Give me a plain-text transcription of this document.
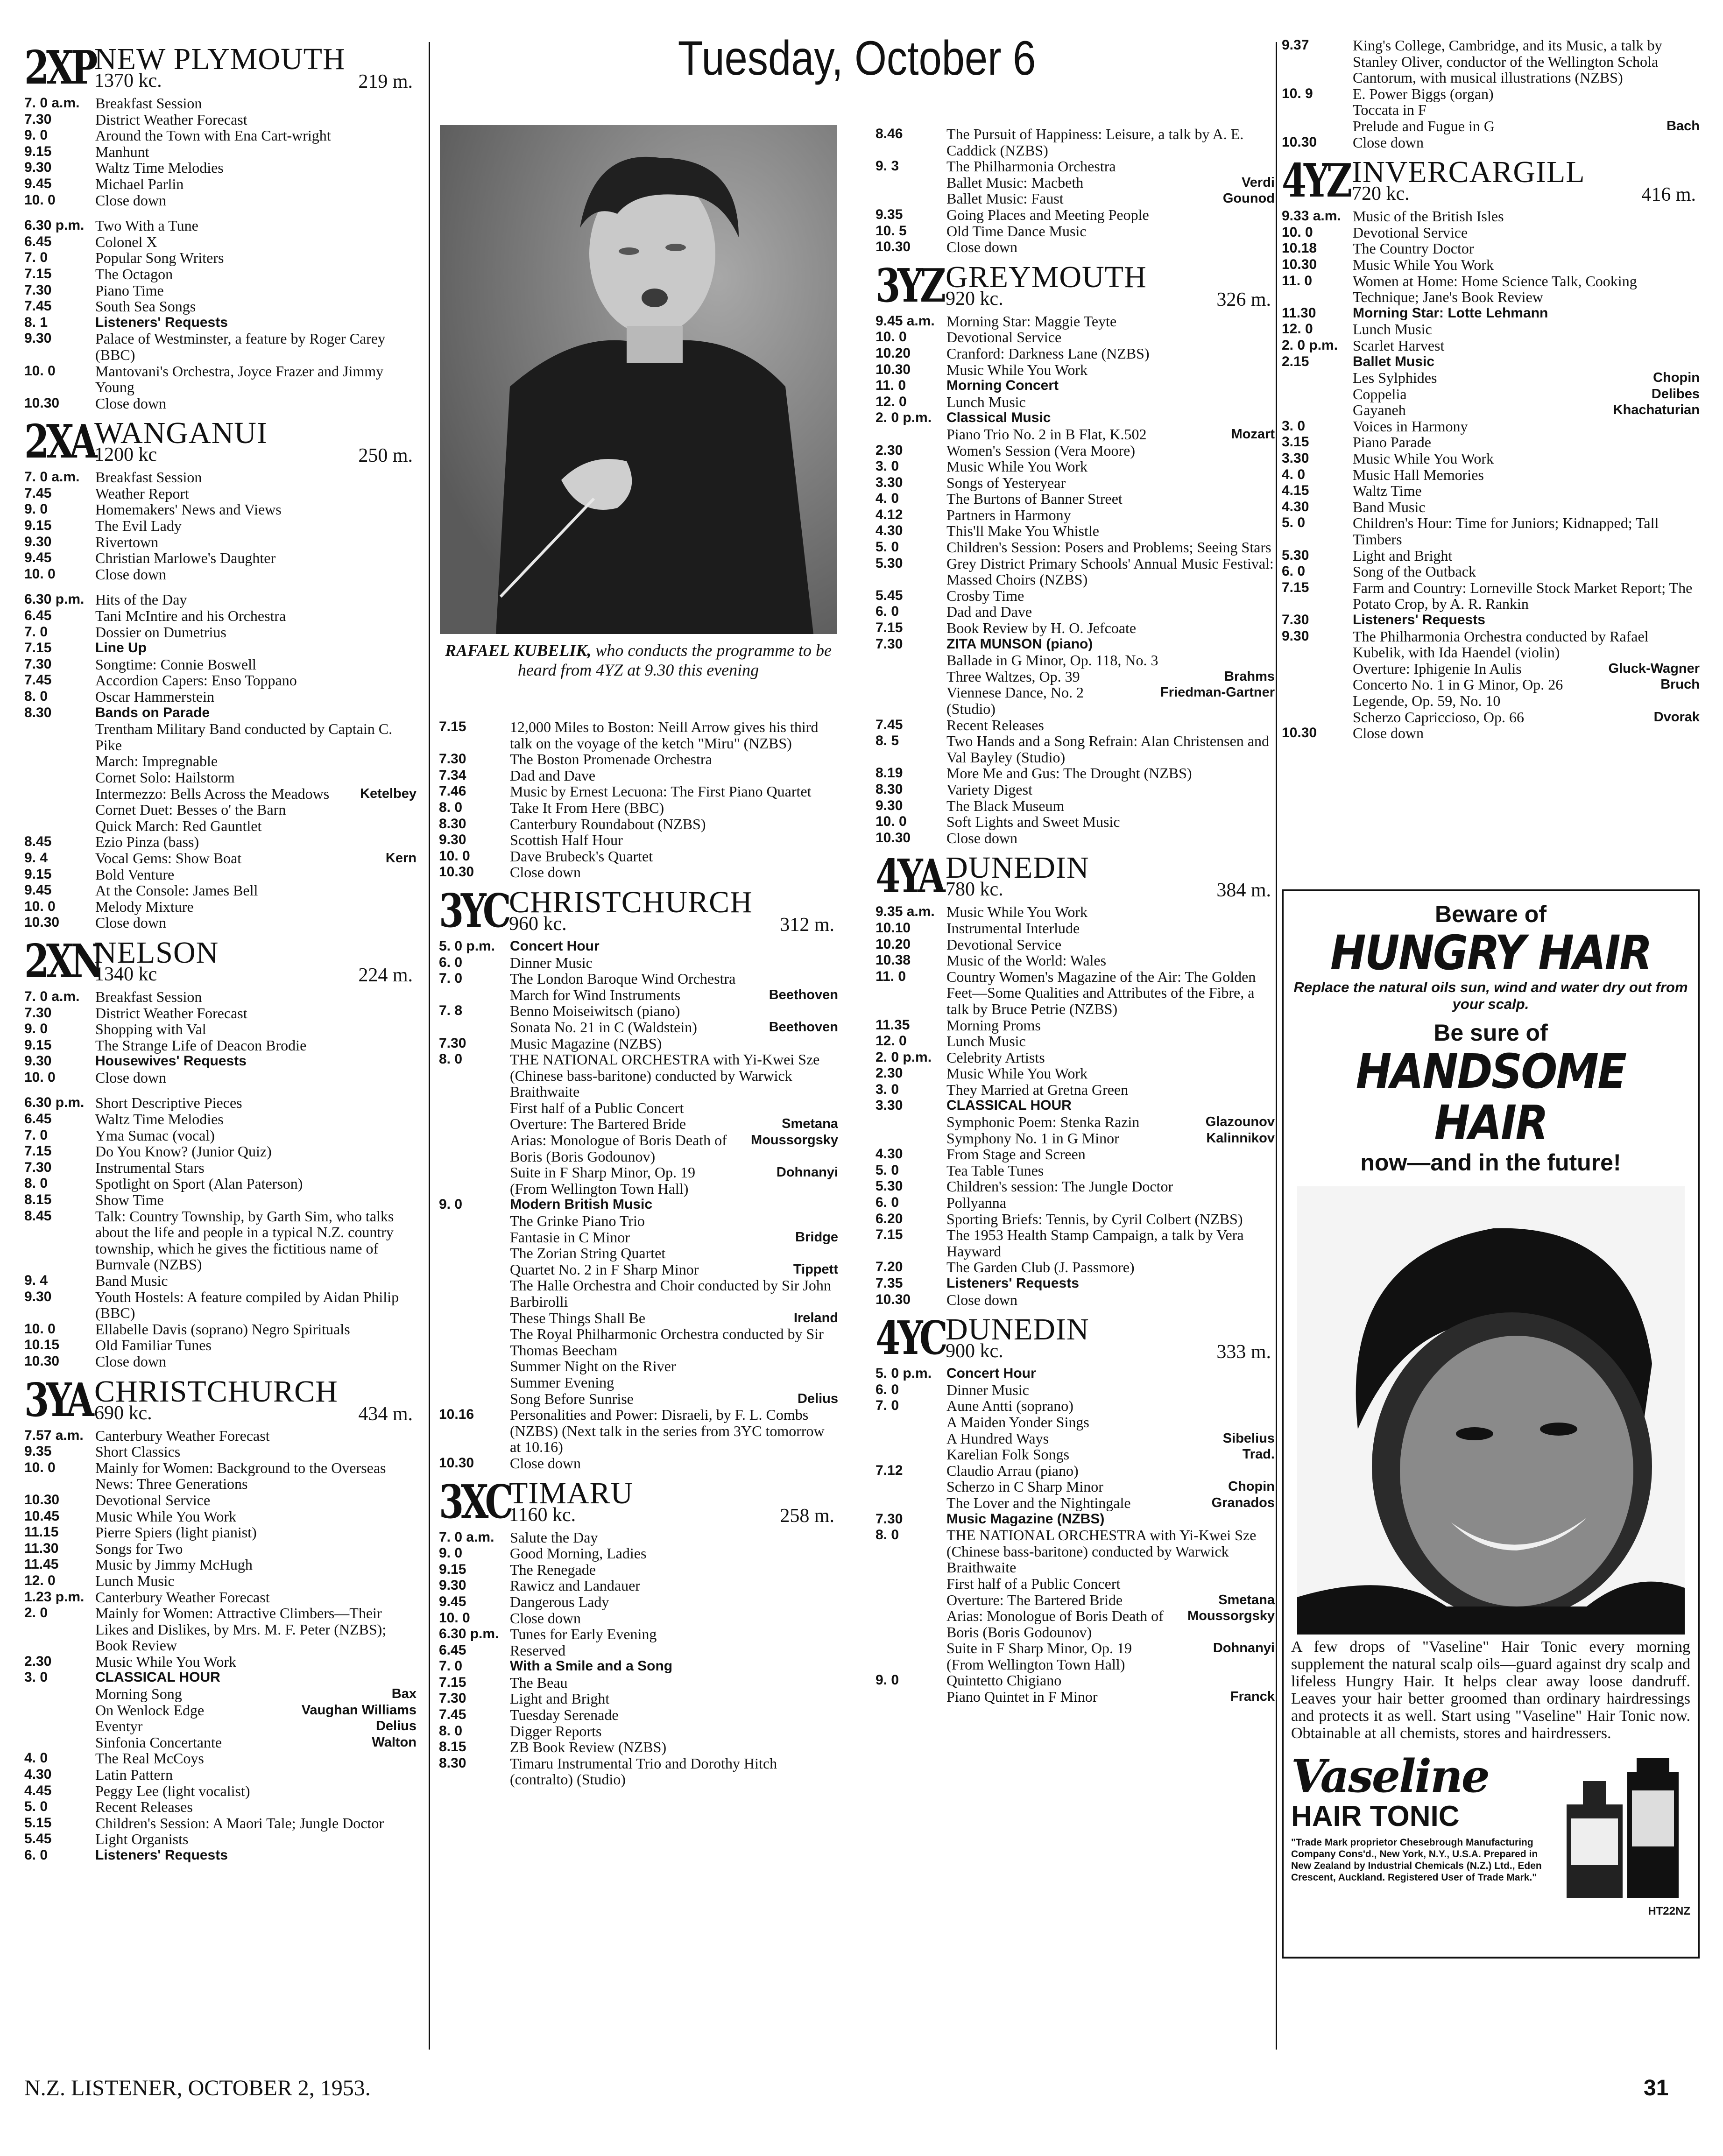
Tuesday, October 6
2XP
NEW PLYMOUTH
1370 kc.	219 m.
7. 0 a.m.	Breakfast Session
7.30	District Weather Forecast
9. 0	Around the Town with Ena Cart-wright
9.15	Manhunt
9.30	Waltz Time Melodies
9.45	Michael Parlin
10. 0	Close down
6.30 p.m. Two With a Tune
6.45	Colonel X
7. 0	Popular Song Writers
7.15	The Octagon
7.30	Piano Time
7.45	South Sea Songs
8. 1	Listeners' Requests
9.30	Palace of Westminster, a feature by Roger Carey (BBC)
10. 0	Mantovani's Orchestra, Joyce Frazer and Jimmy Young
10.30	Close down
2XA WANGANUI
1200 kc	250 m.
7. 0 a.m.	Breakfast Session
7.45	Weather Report
9. 0	Homemakers' News and Views
9.15	The Evil Lady
9.30	Rivertown
9.45	Christian Marlowe's Daughter
10. 0	Close down
6.30 p.m. Hits of the Day
6.45	Tani McIntire and his Orchestra
7. 0	Dossier on Dumetrius
7.15	Line Up
7.30	Songtime: Connie Boswell
7.45	Accordion Capers: Enso Toppano
8. 0	Oscar Hammerstein
8.30	Bands on Parade
Trentham Military Band conducted by Captain C. Pike
March: Impregnable
Cornet Solo: Hailstorm
Intermezzo: Bells Across the Meadows Ketelbey
Cornet Duet: Besses o' the Barn
Quick March: Red Gauntlet
8.45	Ezio Pinza (bass)
9. 4	Vocal Gems: Show Boat	Kern
9.15	Bold Venture
9.45	At the Console: James Bell
10. 0	Melody Mixture
10.30	Close down
2XN
NELSON
1340 kc	224 m.
7. 0 a.m.	Breakfast Session
7.30	District Weather Forecast
9. 0	Shopping with Val
9.15	The Strange Life of Deacon Brodie
9.30	Housewives' Requests
10. 0	Close down
6.30 p.m. Short Descriptive Pieces
6.45	Waltz Time Melodies
7. 0	Yma Sumac (vocal)
7.15	Do You Know? (Junior Quiz)
7.30	Instrumental Stars
8. 0	Spotlight on Sport (Alan Paterson)
8.15	Show Time
8.45	Talk: Country Township, by Garth Sim, who talks about the life and people in a typical N.Z. country township, which he gives the fictitious name of Burnvale (NZBS)
9. 4	Band Music
9.30	Youth Hostels: A feature compiled by Aidan Philip (BBC)
10. 0	Ellabelle Davis (soprano) Negro Spirituals
10.15	Old Familiar Tunes
10.30	Close down
3YA CHRISTCHURCH
690 kc.	434 m.
7.57 a.m. Canterbury Weather Forecast
9.35	Short Classics
10. 0	Mainly for Women: Background to the Overseas News: Three Generations
10.30	Devotional Service
10.45	Music While You Work
11.15	Pierre Spiers (light pianist)
11.30	Songs for Two
11.45	Music by Jimmy McHugh
12. 0	Lunch Music
1.23 p.m. Canterbury Weather Forecast
2. 0	Mainly for Women: Attractive Climbers—Their Likes and Dislikes, by Mrs. M. F. Peter (NZBS); Book Review
2.30	Music While You Work
3. 0	CLASSICAL HOUR
Morning Song	Bax
On Wenlock Edge	Vaughan Williams
Eventyr	Delius
Sinfonia Concertante	Walton
4. 0	The Real McCoys
4.30	Latin Pattern
4.45	Peggy Lee (light vocalist)
5. 0	Recent Releases
5.15	Children's Session: A Maori Tale; Jungle Doctor
5.45	Light Organists
6. 0	Listeners' Requests
RAFAEL KUBELIK, who conducts the programme to be heard from 4YZ at 9.30 this evening
8.46	The Pursuit of Happiness: Leisure, a talk by A. E. Caddick (NZBS)
9. 3	The Philharmonia Orchestra
Ballet Music: Macbeth	Verdi
Ballet Music: Faust	Gounod
9.35	Going Places and Meeting People
10. 5	Old Time Dance Music
10.30	Close down
3YZ GREYMOUTH
920 kc.	326 m.
9.45 a.m. Morning Star: Maggie Teyte
10. 0	Devotional Service
10.20	Cranford: Darkness Lane (NZBS)
10.30	Music While You Work
11. 0	Morning Concert
12. 0	Lunch Music
2. 0 p.m.	Classical Music
Piano Trio No. 2 in B Flat, K.502	Mozart
2.30	Women's Session (Vera Moore)
3. 0	Music While You Work
3.30	Songs of Yesteryear
4. 0	The Burtons of Banner Street
4.12	Partners in Harmony
4.30	This'll Make You Whistle
5. 0	Children's Session: Posers and Problems; Seeing Stars
5.30	Grey District Primary Schools' Annual Music Festival: Massed Choirs (NZBS)
5.45	Crosby Time
6. 0	Dad and Dave
7.15	Book Review by H. O. Jefcoate
7.30	ZITA MUNSON (piano)
Ballade in G Minor, Op. 118, No. 3
Three Waltzes, Op. 39	Brahms
Viennese Dance, No. 2	Friedman-Gartner
(Studio)
7.45	Recent Releases
8. 5	Two Hands and a Song Refrain: Alan Christensen and Val Bayley (Studio)
8.19	More Me and Gus: The Drought (NZBS)
8.30	Variety Digest
9.30	The Black Museum
10. 0	Soft Lights and Sweet Music
10.30	Close down
4YA DUNEDIN
780 kc.	384 m.
9.35 a.m. Music While You Work
10.10	Instrumental Interlude
10.20	Devotional Service
10.38	Music of the World: Wales
11. 0	Country Women's Magazine of the Air: The Golden Feet—Some Qualities and Attributes of the Fibre, a talk by Bruce Petrie (NZBS)
11.35	Morning Proms
12. 0	Lunch Music
2. 0 p.m. Celebrity Artists
2.30	Music While You Work
3. 0	They Married at Gretna Green
3.30	CLASSICAL HOUR
Symphonic Poem: Stenka Razin	Glazounov
Symphony No. 1 in G Minor	Kalinnikov
4.30	From Stage and Screen
5. 0	Tea Table Tunes
5.30	Children's session: The Jungle Doctor
6. 0	Pollyanna
6.20	Sporting Briefs: Tennis, by Cyril Colbert (NZBS)
7.15	The 1953 Health Stamp Campaign, a talk by Vera Hayward
7.20	The Garden Club (J. Passmore)
7.35	Listeners' Requests
10.30	Close down
4YC DUNEDIN
900 kc.	333 m.
5. 0 p.m.	Concert Hour
6. 0	Dinner Music
7. 0	Aune Antti (soprano)
A Maiden Yonder Sings
A Hundred Ways	Sibelius
Karelian Folk Songs	Trad.
7.12	Claudio Arrau (piano)
Scherzo in C Sharp Minor	Chopin
The Lover and the Nightingale	Granados
7.30	Music Magazine (NZBS)
8. 0	THE NATIONAL ORCHESTRA with Yi-Kwei Sze (Chinese bass-baritone) conducted by Warwick Braithwaite
First half of a Public Concert
Overture: The Bartered Bride	Smetana
Arias: Monologue of Boris Death of Boris (Boris Godounov)
Moussorgsky
Suite in F Sharp Minor, Op. 19	Dohnanyi
(From Wellington Town Hall)
9. 0	Quintetto Chigiano
Piano Quintet in F Minor	Franck
7.15	12,000 Miles to Boston: Neill Arrow gives his third talk on the voyage of the ketch "Miru" (NZBS)
7.30	The Boston Promenade Orchestra
7.34	Dad and Dave
7.46	Music by Ernest Lecuona: The First Piano Quartet
8. 0	Take It From Here (BBC)
8.30	Canterbury Roundabout (NZBS)
9.30	Scottish Half Hour
10. 0	Dave Brubeck's Quartet
10.30	Close down
3YC CHRISTCHURCH
960 kc.	312 m.
5. 0 p.m.	Concert Hour
6. 0	Dinner Music
7. 0	The London Baroque Wind Orchestra
March for Wind Instruments	Beethoven
7. 8	Benno Moiseiwitsch (piano)
Sonata No. 21 in C (Waldstein)	Beethoven
7.30	Music Magazine (NZBS)
8. 0	THE NATIONAL ORCHESTRA with Yi-Kwei Sze (Chinese bass-baritone) conducted by Warwick Braithwaite
First half of a Public Concert
Overture: The Bartered Bride	Smetana
Arias: Monologue of Boris Death of Boris (Boris Godounov)
Moussorgsky
Suite in F Sharp Minor, Op. 19	Dohnanyi
(From Wellington Town Hall)
9. 0	Modern British Music
The Grinke Piano Trio
Fantasie in C Minor	Bridge
The Zorian String Quartet
Quartet No. 2 in F Sharp Minor	Tippett
The Halle Orchestra and Choir conducted by Sir John Barbirolli
These Things Shall Be	Ireland
The Royal Philharmonic Orchestra conducted by Sir Thomas Beecham
Summer Night on the River
Summer Evening
Song Before Sunrise	Delius
10.16	Personalities and Power: Disraeli, by F. L. Combs (NZBS) (Next talk in the series from 3YC tomorrow at 10.16)
10.30	Close down
3XC
TIMARU
1160 kc.	258 m.
7. 0 a.m.	Salute the Day
9. 0	Good Morning, Ladies
9.15	The Renegade
9.30	Rawicz and Landauer
9.45	Dangerous Lady
10. 0	Close down
6.30 p.m. Tunes for Early Evening
6.45	Reserved
7. 0	With a Smile and a Song
7.15	The Beau
7.30	Light and Bright
7.45	Tuesday Serenade
8. 0	Digger Reports
8.15	ZB Book Review (NZBS)
8.30	Timaru Instrumental Trio and Dorothy Hitch (contralto) (Studio)
9.37	King's College, Cambridge, and its Music, a talk by Stanley Oliver, conductor of the Wellington Schola Cantorum, with musical illustrations (NZBS)
10. 9	E. Power Biggs (organ)
Toccata in F
Prelude and Fugue in G	Bach
10.30	Close down
4YZ INVERCARGILL
720 kc.	416 m.
9.33 a.m. Music of the British Isles
10. 0	Devotional Service
10.18	The Country Doctor
10.30	Music While You Work
11. 0	Women at Home: Home Science Talk, Cooking Technique; Jane's Book Review
11.30	Morning Star: Lotte Lehmann
12. 0	Lunch Music
2. 0 p.m. Scarlet Harvest
2.15	Ballet Music
Les Sylphides	Chopin
Coppelia	Delibes
Gayaneh	Khachaturian
3. 0	Voices in Harmony
3.15	Piano Parade
3.30	Music While You Work
4. 0	Music Hall Memories
4.15	Waltz Time
4.30	Band Music
5. 0	Children's Hour: Time for Juniors; Kidnapped; Tall Timbers
5.30	Light and Bright
6. 0	Song of the Outback
7.15	Farm and Country: Lorneville Stock Market Report; The Potato Crop, by A. R. Rankin
7.30	Listeners' Requests
9.30	The Philharmonia Orchestra conducted by Rafael Kubelik, with Ida Haendel (violin)
Overture: Iphigenie In Aulis	Gluck-Wagner
Concerto No. 1 in G Minor, Op. 26	Bruch
Legende, Op. 59, No. 10
Scherzo Capriccioso, Op. 66	Dvorak
10.30	Close down
Beware of
HUNGRY HAIR
Replace the natural oils sun, wind and water dry out from your scalp.
Be sure of
HANDSOME HAIR
now—and in the future!
A few drops of "Vaseline" Hair Tonic every morning supplement the natural scalp oils—guard against dry scalp and lifeless Hungry Hair. It helps clear away loose dandruff. Leaves your hair better groomed than ordinary hairdressings and protects it as well. Start using "Vaseline" Hair Tonic now. Obtainable at all chemists, stores and hairdressers.
Vaseline
HAIR TONIC
"Trade Mark proprietor Chesebrough Manufacturing Company Cons'd., New York, N.Y., U.S.A. Prepared in New Zealand by Industrial Chemicals (N.Z.) Ltd., Eden Crescent, Auckland. Registered User of Trade Mark."
HT22NZ
N.Z. LISTENER, OCTOBER 2, 1953.	31
